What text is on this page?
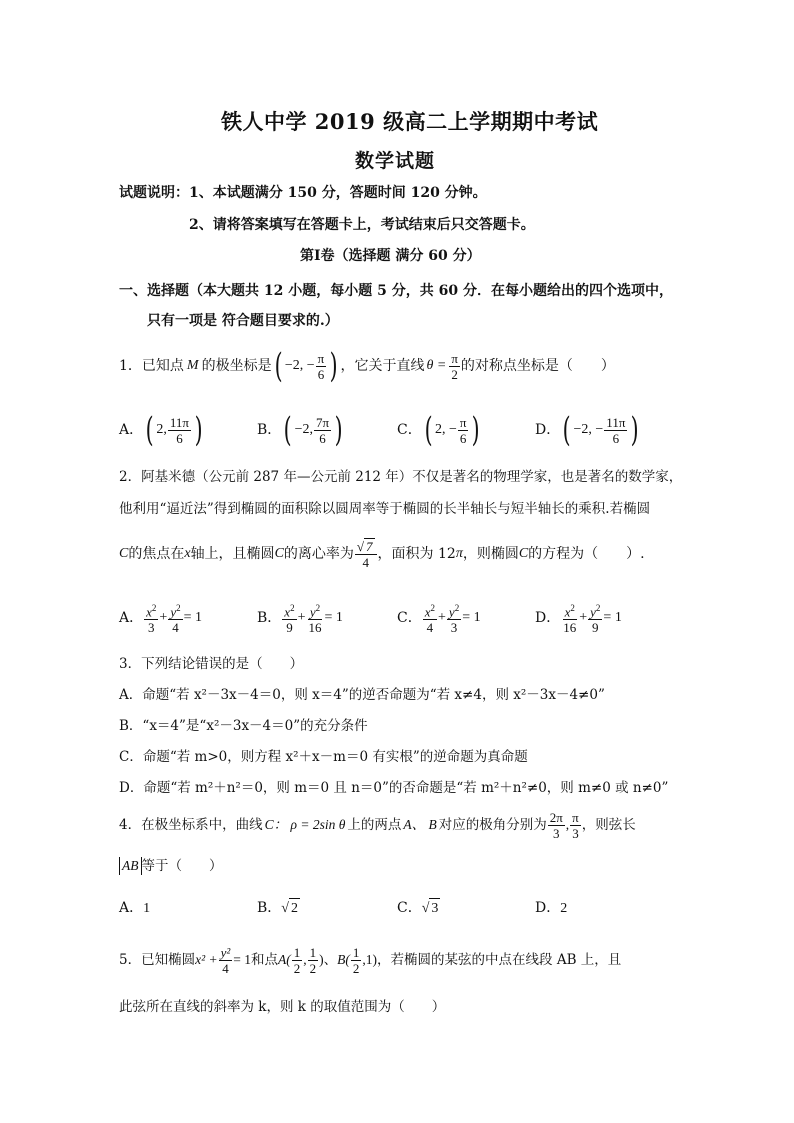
铁人中学 2019 级高二上学期期中考试
数学试题
试题说明：1、本试题满分 150 分，答题时间 120 分钟。
2、请将答案填写在答题卡上，考试结束后只交答题卡。
第Ⅰ卷（选择题 满分 60 分）
一、选择题（本大题共 12 小题，每小题 5 分，共 60 分．在每小题给出的四个选项中，
只有一项是 符合题目要求的.）
1． 已知点 M 的极坐标是 ( −2, − $\frac{\pi}{6}$ ) ，它关于直线 $\theta = \frac{\pi}{2}$ 的对称点坐标是（　　）
A． ( 2, $\frac{11\pi}{6}$ )	B． ( −2, $\frac{7\pi}{6}$ )	C． ( 2, − $\frac{\pi}{6}$ )	D． ( −2, − $\frac{11\pi}{6}$ )
2．阿基米德（公元前 287 年—公元前 212 年）不仅是著名的物理学家，也是著名的数学家，
他利用“逼近法”得到椭圆的面积除以圆周率等于椭圆的长半轴长与短半轴长的乘积.若椭圆
C 的焦点在 x 轴上，且椭圆 C 的离心率为 $\frac{√ 7}{4}$ ，面积为 12 π ，则椭圆 C 的方程为（　　）.
A． $\frac{x^2}{3} + \frac{y^2}{4} = 1$	B． $\frac{x^2}{9} + \frac{y^2}{16} = 1$	C． $\frac{x^2}{4} + \frac{y^2}{3} = 1$	D． $\frac{x^2}{16} + \frac{y^2}{9} = 1$
3．下列结论错误的是（　　）
A．命题“若 x²－3x－4＝0，则 x＝4”的逆否命题为“若 x≠4，则 x²－3x－4≠0”
B．“x＝4”是“x²－3x－4＝0”的充分条件
C．命题“若 m>0，则方程 x²＋x－m＝0 有实根”的逆命题为真命题
D．命题“若 m²＋n²＝0，则 m＝0 且 n＝0”的否命题是“若 m²＋n²≠0，则 m≠0 或 n≠0”
4．在极坐标系中，曲线 C： ρ = 2sin θ 上的两点 A、 B 对应的极角分别为 $\frac{2\pi}{3}$ , $\frac{\pi}{3}$ ，则弦长
AB 等于（　　）
A．1	B．√ 2	C．√ 3	D．2
5．已知椭圆 $x^2 + \frac{\text{y²}}{4} = 1$ 和点 $A( \frac{1}{2}$ , $\frac{1}{2}$ )、 $B( \frac{1}{2} ,1)$ ，若椭圆的某弦的中点在线段 AB 上，且
此弦所在直线的斜率为 k，则 k 的取值范围为（　　）
